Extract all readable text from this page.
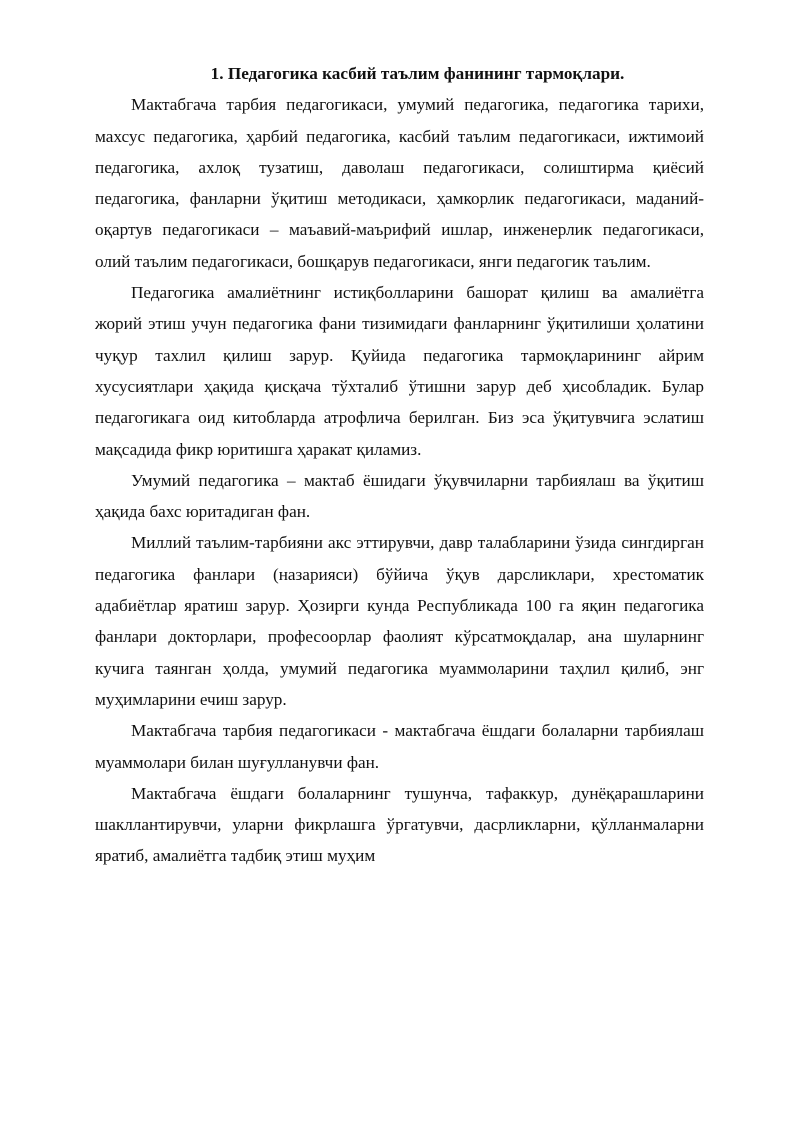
1. Педагогика касбий таълим фанининг тармоқлари.

Мактабгача тарбия педагогикаси, умумий педагогика, педагогика тарихи, махсус педагогика, ҳарбий педагогика, касбий таълим педагогикаси, ижтимоий педагогика, ахлоқ тузатиш, даволаш педагогикаси, солиштирма қиёсий педагогика, фанларни ўқитиш методикаси, ҳамкорлик педагогикаси, маданий-оқартув педагогикаси – маъавий-маърифий ишлар, инженерлик педагогикаси, олий таълим педагогикаси, бошқарув педагогикаси, янги педагогик таълим.

Педагогика амалиётнинг истиқболларини башорат қилиш ва амалиётга жорий этиш учун педагогика фани тизимидаги фанларнинг ўқитилиши ҳолатини чуқур тахлил қилиш зарур. Қуйида педагогика тармоқларининг айрим хусусиятлари ҳақида қисқача тўхталиб ўтишни зарур деб ҳисобладик. Булар педагогикага оид китобларда атрофлича берилган. Биз эса ўқитувчига эслатиш мақсадида фикр юритишга ҳаракат қиламиз.

Умумий педагогика – мактаб ёшидаги ўқувчиларни тарбиялаш ва ўқитиш ҳақида бахс юритадиган фан.

Миллий таълим-тарбияни акс эттирувчи, давр талабларини ўзида сингдирган педагогика фанлари (назарияси) бўйича ўқув дарсликлари, хрестоматик адабиётлар яратиш зарур. Ҳозирги кунда Республикада 100 га яқин педагогика фанлари докторлари, професоорлар фаолият кўрсатмоқдалар, ана шуларнинг кучига таянган ҳолда, умумий педагогика муаммоларини таҳлил қилиб, энг муҳимларини ечиш зарур.

Мактабгача тарбия педагогикаси - мактабгача ёшдаги болаларни тарбиялаш муаммолари билан шуғулланувчи фан.

Мактабгача ёшдаги болаларнинг тушунча, тафаккур, дунёқарашларини шакллантирувчи, уларни фикрлашга ўргатувчи, дасрликларни, қўлланмаларни яратиб, амалиётга тадбиқ этиш муҳим
